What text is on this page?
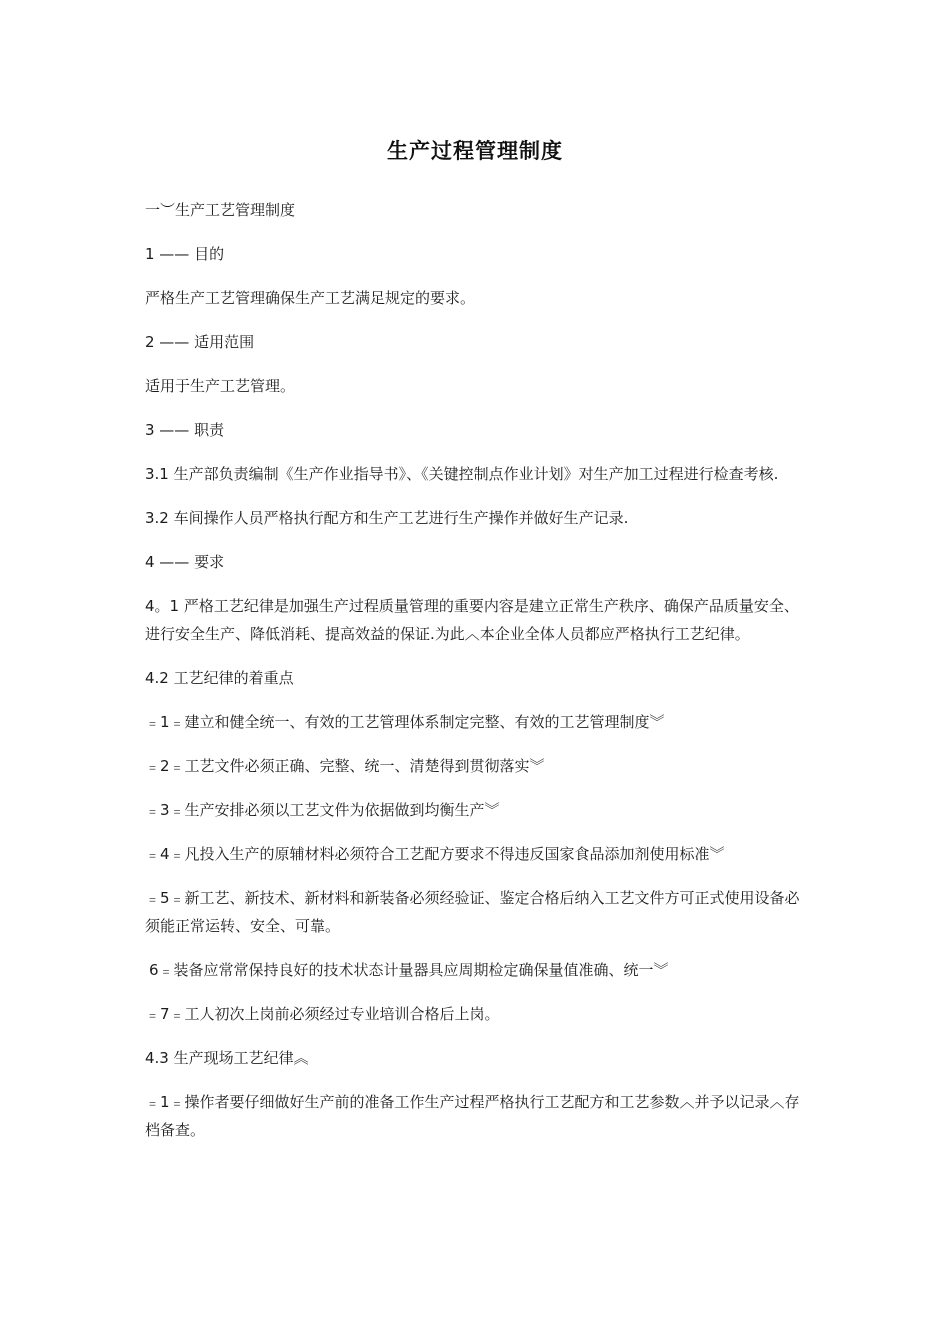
生产过程管理制度

一︶生产工艺管理制度

1 —— 目的

严格生产工艺管理确保生产工艺满足规定的要求。

2 —— 适用范围

适用于生产工艺管理。

3 —— 职责

3.1 生产部负责编制《生产作业指导书》、《关键控制点作业计划》对生产加工过程进行检查考核.

3.2 车间操作人员严格执行配方和生产工艺进行生产操作并做好生产记录.

4 —— 要求

4。1 严格工艺纪律是加强生产过程质量管理的重要内容是建立正常生产秩序、确保产品质量安全、进行安全生产、降低消耗、提高效益的保证.为此︿本企业全体人员都应严格执行工艺纪律。

4.2 工艺纪律的着重点

﹦1﹦建立和健全统一、有效的工艺管理体系制定完整、有效的工艺管理制度︾

﹦2﹦工艺文件必须正确、完整、统一、清楚得到贯彻落实︾

﹦3﹦生产安排必须以工艺文件为依据做到均衡生产︾

﹦4﹦凡投入生产的原辅材料必须符合工艺配方要求不得违反国家食品添加剂使用标准︾

﹦5﹦新工艺、新技术、新材料和新装备必须经验证、鉴定合格后纳入工艺文件方可正式使用设备必须能正常运转、安全、可靠。

6﹦装备应常常保持良好的技术状态计量器具应周期检定确保量值准确、统一︾

﹦7﹦工人初次上岗前必须经过专业培训合格后上岗。

4.3 生产现场工艺纪律︽

﹦1﹦操作者要仔细做好生产前的准备工作生产过程严格执行工艺配方和工艺参数︿并予以记录︿存档备查。
